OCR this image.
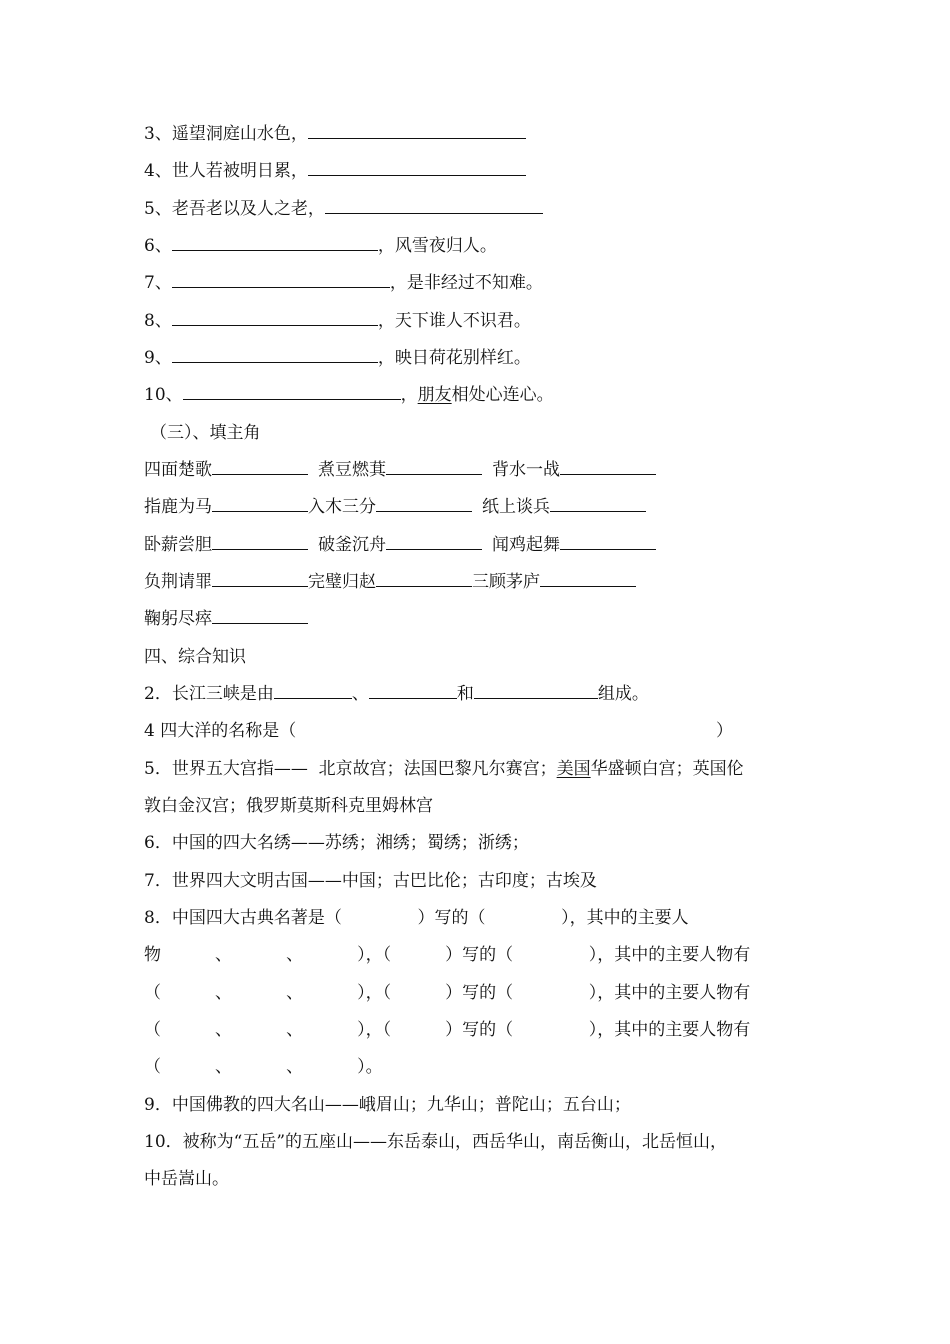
3、遥望洞庭山水色，
4、世人若被明日累，
5、老吾老以及人之老，
6、	，风雪夜归人。
7、	，是非经过不知难。
8、	，天下谁人不识君。
9、	，映日荷花别样红。
10、	，朋友相处心连心。
（三）、填主角
四面楚歌	煮豆燃萁	背水一战
指鹿为马	入木三分	纸上谈兵
卧薪尝胆	破釜沉舟	闻鸡起舞
负荆请罪	完璧归赵	三顾茅庐
鞠躬尽瘁
四、综合知识
2．长江三峡是由	、	和	组成。
4 四大洋的名称是（	）
5．世界五大宫指——  北京故宫；法国巴黎凡尔赛宫；美国华盛顿白宫；英国伦
敦白金汉宫；俄罗斯莫斯科克里姆林宫
6．中国的四大名绣——苏绣；湘绣；蜀绣；浙绣；
7．世界四大文明古国——中国；古巴比伦；古印度；古埃及
8．中国四大古典名著是（              ）写的（              ），其中的主要人
物          、          、          ），（          ）写的（              ），其中的主要人物有
（          、          、          ），（          ）写的（              ），其中的主要人物有
（          、          、          ），（          ）写的（              ），其中的主要人物有
（          、          、          ）。
9．中国佛教的四大名山——峨眉山；九华山；普陀山；五台山；
10．被称为“五岳”的五座山——东岳泰山，西岳华山，南岳衡山，北岳恒山，
中岳嵩山。
